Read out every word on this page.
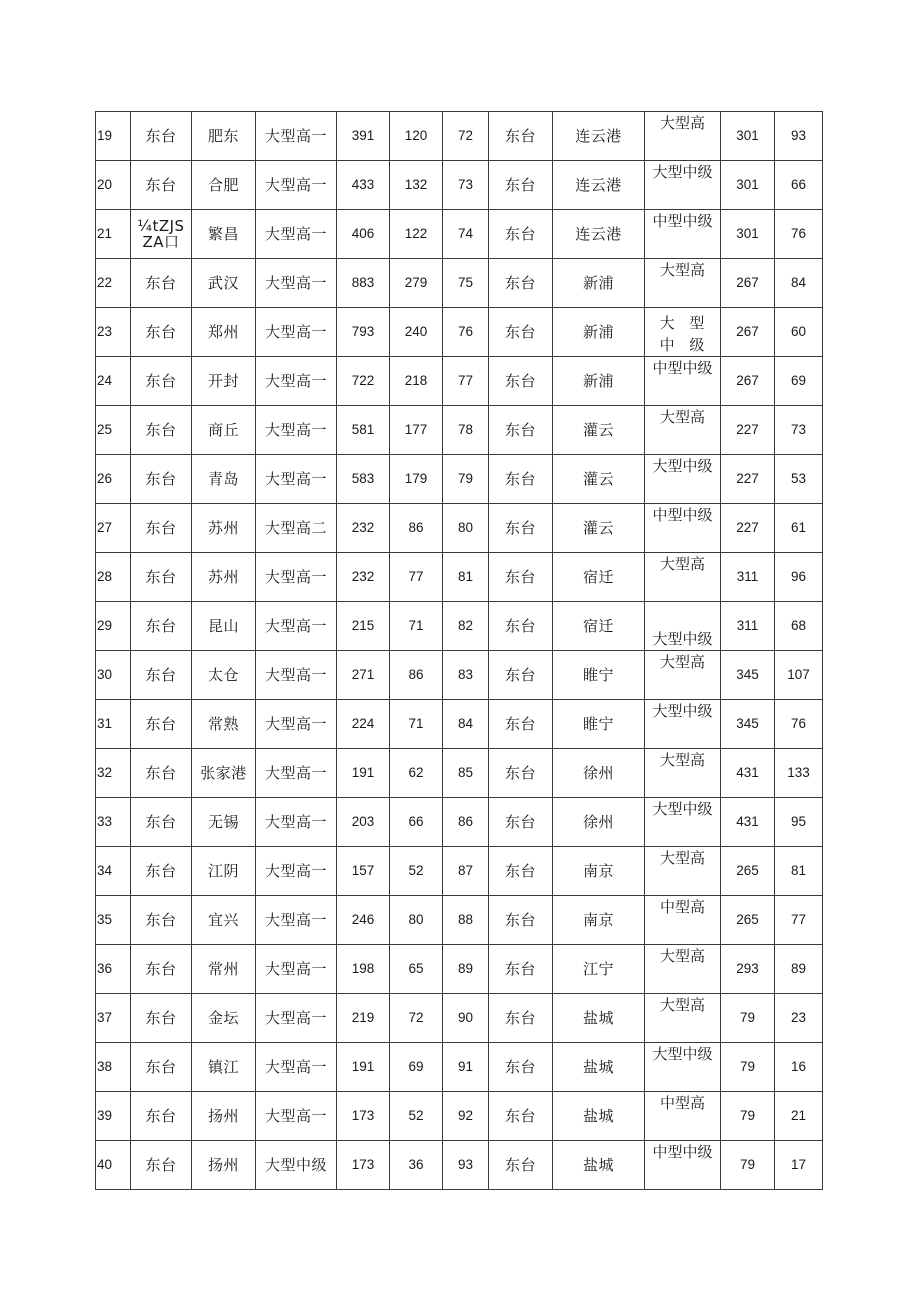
19	东台	肥东	大型高一	391	120	72	东台	连云港	大型高	301	93
20	东台	合肥	大型高一	433	132	73	东台	连云港	大型中级	301	66
21	¼tZJS ZA口	繁昌	大型高一	406	122	74	东台	连云港	中型中级	301	76
22	东台	武汉	大型高一	883	279	75	东台	新浦	大型高	267	84
23	东台	郑州	大型高一	793	240	76	东台	新浦	大 型 中 级	267	60
24	东台	开封	大型高一	722	218	77	东台	新浦	中型中级	267	69
25	东台	商丘	大型高一	581	177	78	东台	灌云	大型高	227	73
26	东台	青岛	大型高一	583	179	79	东台	灌云	大型中级	227	53
27	东台	苏州	大型高二	232	86	80	东台	灌云	中型中级	227	61
28	东台	苏州	大型高一	232	77	81	东台	宿迁	大型高	311	96
29	东台	昆山	大型高一	215	71	82	东台	宿迁	大型中级	311	68
30	东台	太仓	大型高一	271	86	83	东台	睢宁	大型高	345	107
31	东台	常熟	大型高一	224	71	84	东台	睢宁	大型中级	345	76
32	东台	张家港	大型高一	191	62	85	东台	徐州	大型高	431	133
33	东台	无锡	大型高一	203	66	86	东台	徐州	大型中级	431	95
34	东台	江阴	大型高一	157	52	87	东台	南京	大型高	265	81
35	东台	宜兴	大型高一	246	80	88	东台	南京	中型高	265	77
36	东台	常州	大型高一	198	65	89	东台	江宁	大型高	293	89
37	东台	金坛	大型高一	219	72	90	东台	盐城	大型高	79	23
38	东台	镇江	大型高一	191	69	91	东台	盐城	大型中级	79	16
39	东台	扬州	大型高一	173	52	92	东台	盐城	中型高	79	21
40	东台	扬州	大型中级	173	36	93	东台	盐城	中型中级	79	17
